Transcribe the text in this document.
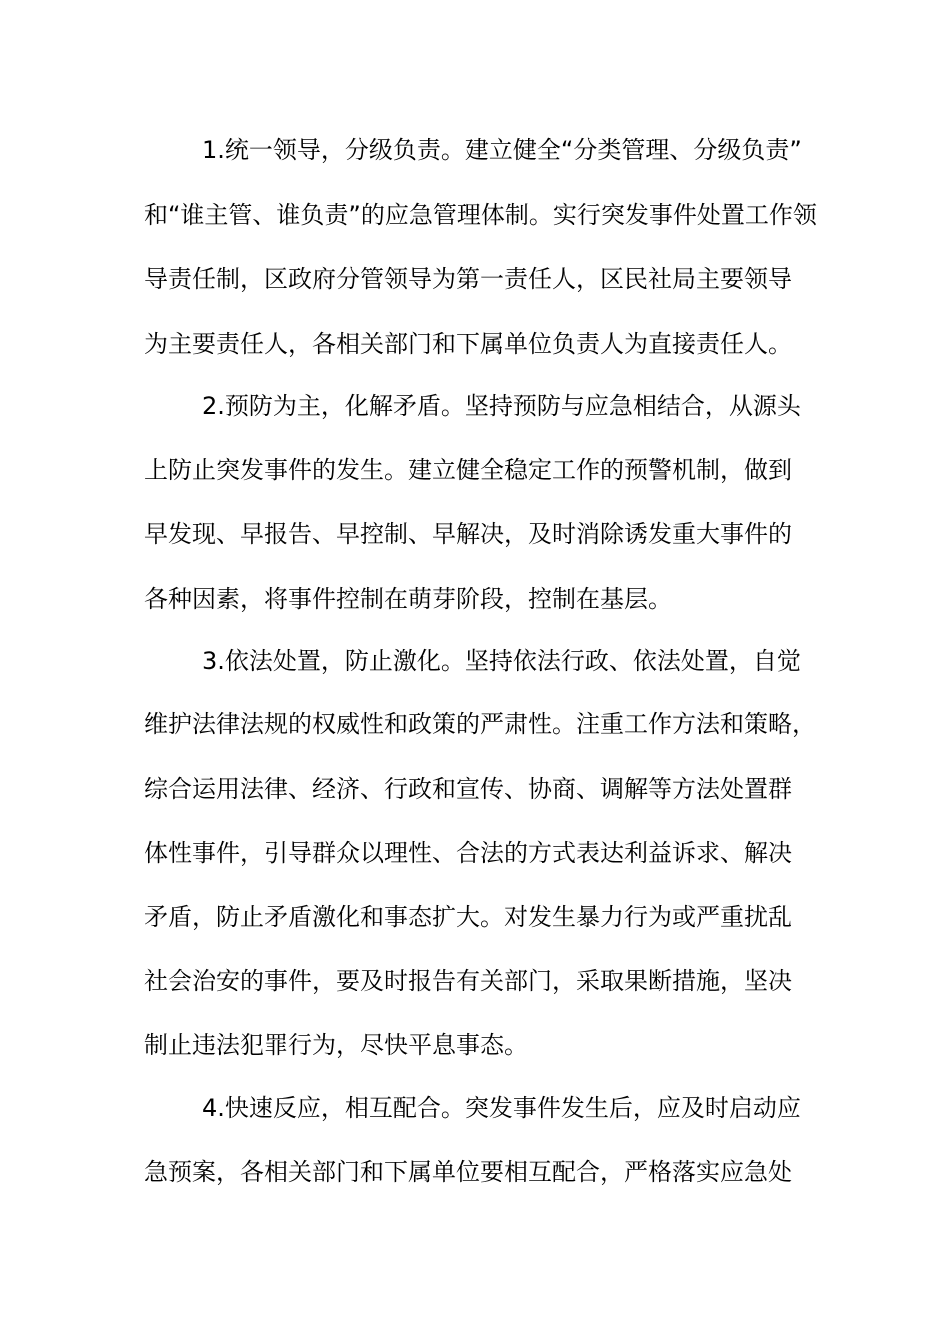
1.统一领导，分级负责。建立健全“分类管理、分级负责”
和“谁主管、谁负责”的应急管理体制。实行突发事件处置工作领
导责任制，区政府分管领导为第一责任人，区民社局主要领导
为主要责任人，各相关部门和下属单位负责人为直接责任人。
2.预防为主，化解矛盾。坚持预防与应急相结合，从源头
上防止突发事件的发生。建立健全稳定工作的预警机制，做到
早发现、早报告、早控制、早解决，及时消除诱发重大事件的
各种因素，将事件控制在萌芽阶段，控制在基层。
3.依法处置，防止激化。坚持依法行政、依法处置，自觉
维护法律法规的权威性和政策的严肃性。注重工作方法和策略，
综合运用法律、经济、行政和宣传、协商、调解等方法处置群
体性事件，引导群众以理性、合法的方式表达利益诉求、解决
矛盾，防止矛盾激化和事态扩大。对发生暴力行为或严重扰乱
社会治安的事件，要及时报告有关部门，采取果断措施，坚决
制止违法犯罪行为，尽快平息事态。
4.快速反应，相互配合。突发事件发生后，应及时启动应
急预案，各相关部门和下属单位要相互配合，严格落实应急处
